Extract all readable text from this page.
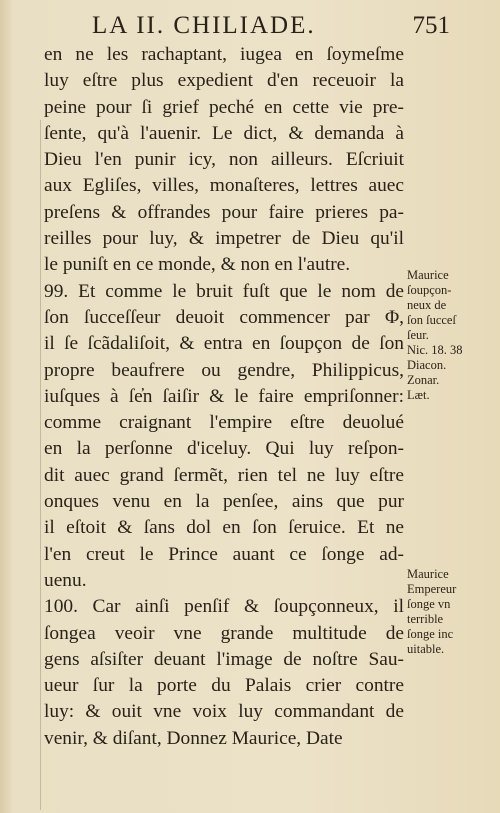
LA II. CHILIADE.	751
en ne les rachaptant, iugea en ſoymeſme
luy eſtre plus expedient d'en receuoir la
peine pour ſi grief peché en cette vie pre-
ſente, qu'à l'auenir. Le dict, & demanda à
Dieu l'en punir icy, non ailleurs. Eſcriuit
aux Egliſes, villes, monaſteres, lettres auec
preſens & offrandes pour faire prieres pa-
reilles pour luy, & impetrer de Dieu qu'il
le puniſt en ce monde, & non en l'autre.
99. Et comme le bruit fuſt que le nom de
ſon ſucceſſeur deuoit commencer par Φ,
il ſe ſcãdaliſoit, & entra en ſoupçon de ſon
propre beaufrere ou gendre, Philippicus,
iuſques à ſe̓n ſaiſir & le faire empriſonner:
comme craignant l'empire eſtre deuolué
en la perſonne d'iceluy. Qui luy reſpon-
dit auec grand ſermẽt, rien tel ne luy eſtre
onques venu en la penſee, ains que pur
il eſtoit & ſans dol en ſon ſeruice. Et ne
l'en creut le Prince auant ce ſonge ad-
uenu.
100. Car ainſi penſif & ſoupçonneux, il
ſongea veoir vne grande multitude de
gens aſsiſter deuant l'image de noſtre Sau-
ueur ſur la porte du Palais crier contre
luy: & ouit vne voix luy commandant de
venir, & diſant, Donnez Maurice, Date
Maurice
ſoupçon-
neux de
ſon ſucceſ
ſeur.
Nic. 18. 38
Diacon.
Zonar.
Læt.
Maurice
Empereur
ſonge vn
terrible
ſonge inc
uitable.
